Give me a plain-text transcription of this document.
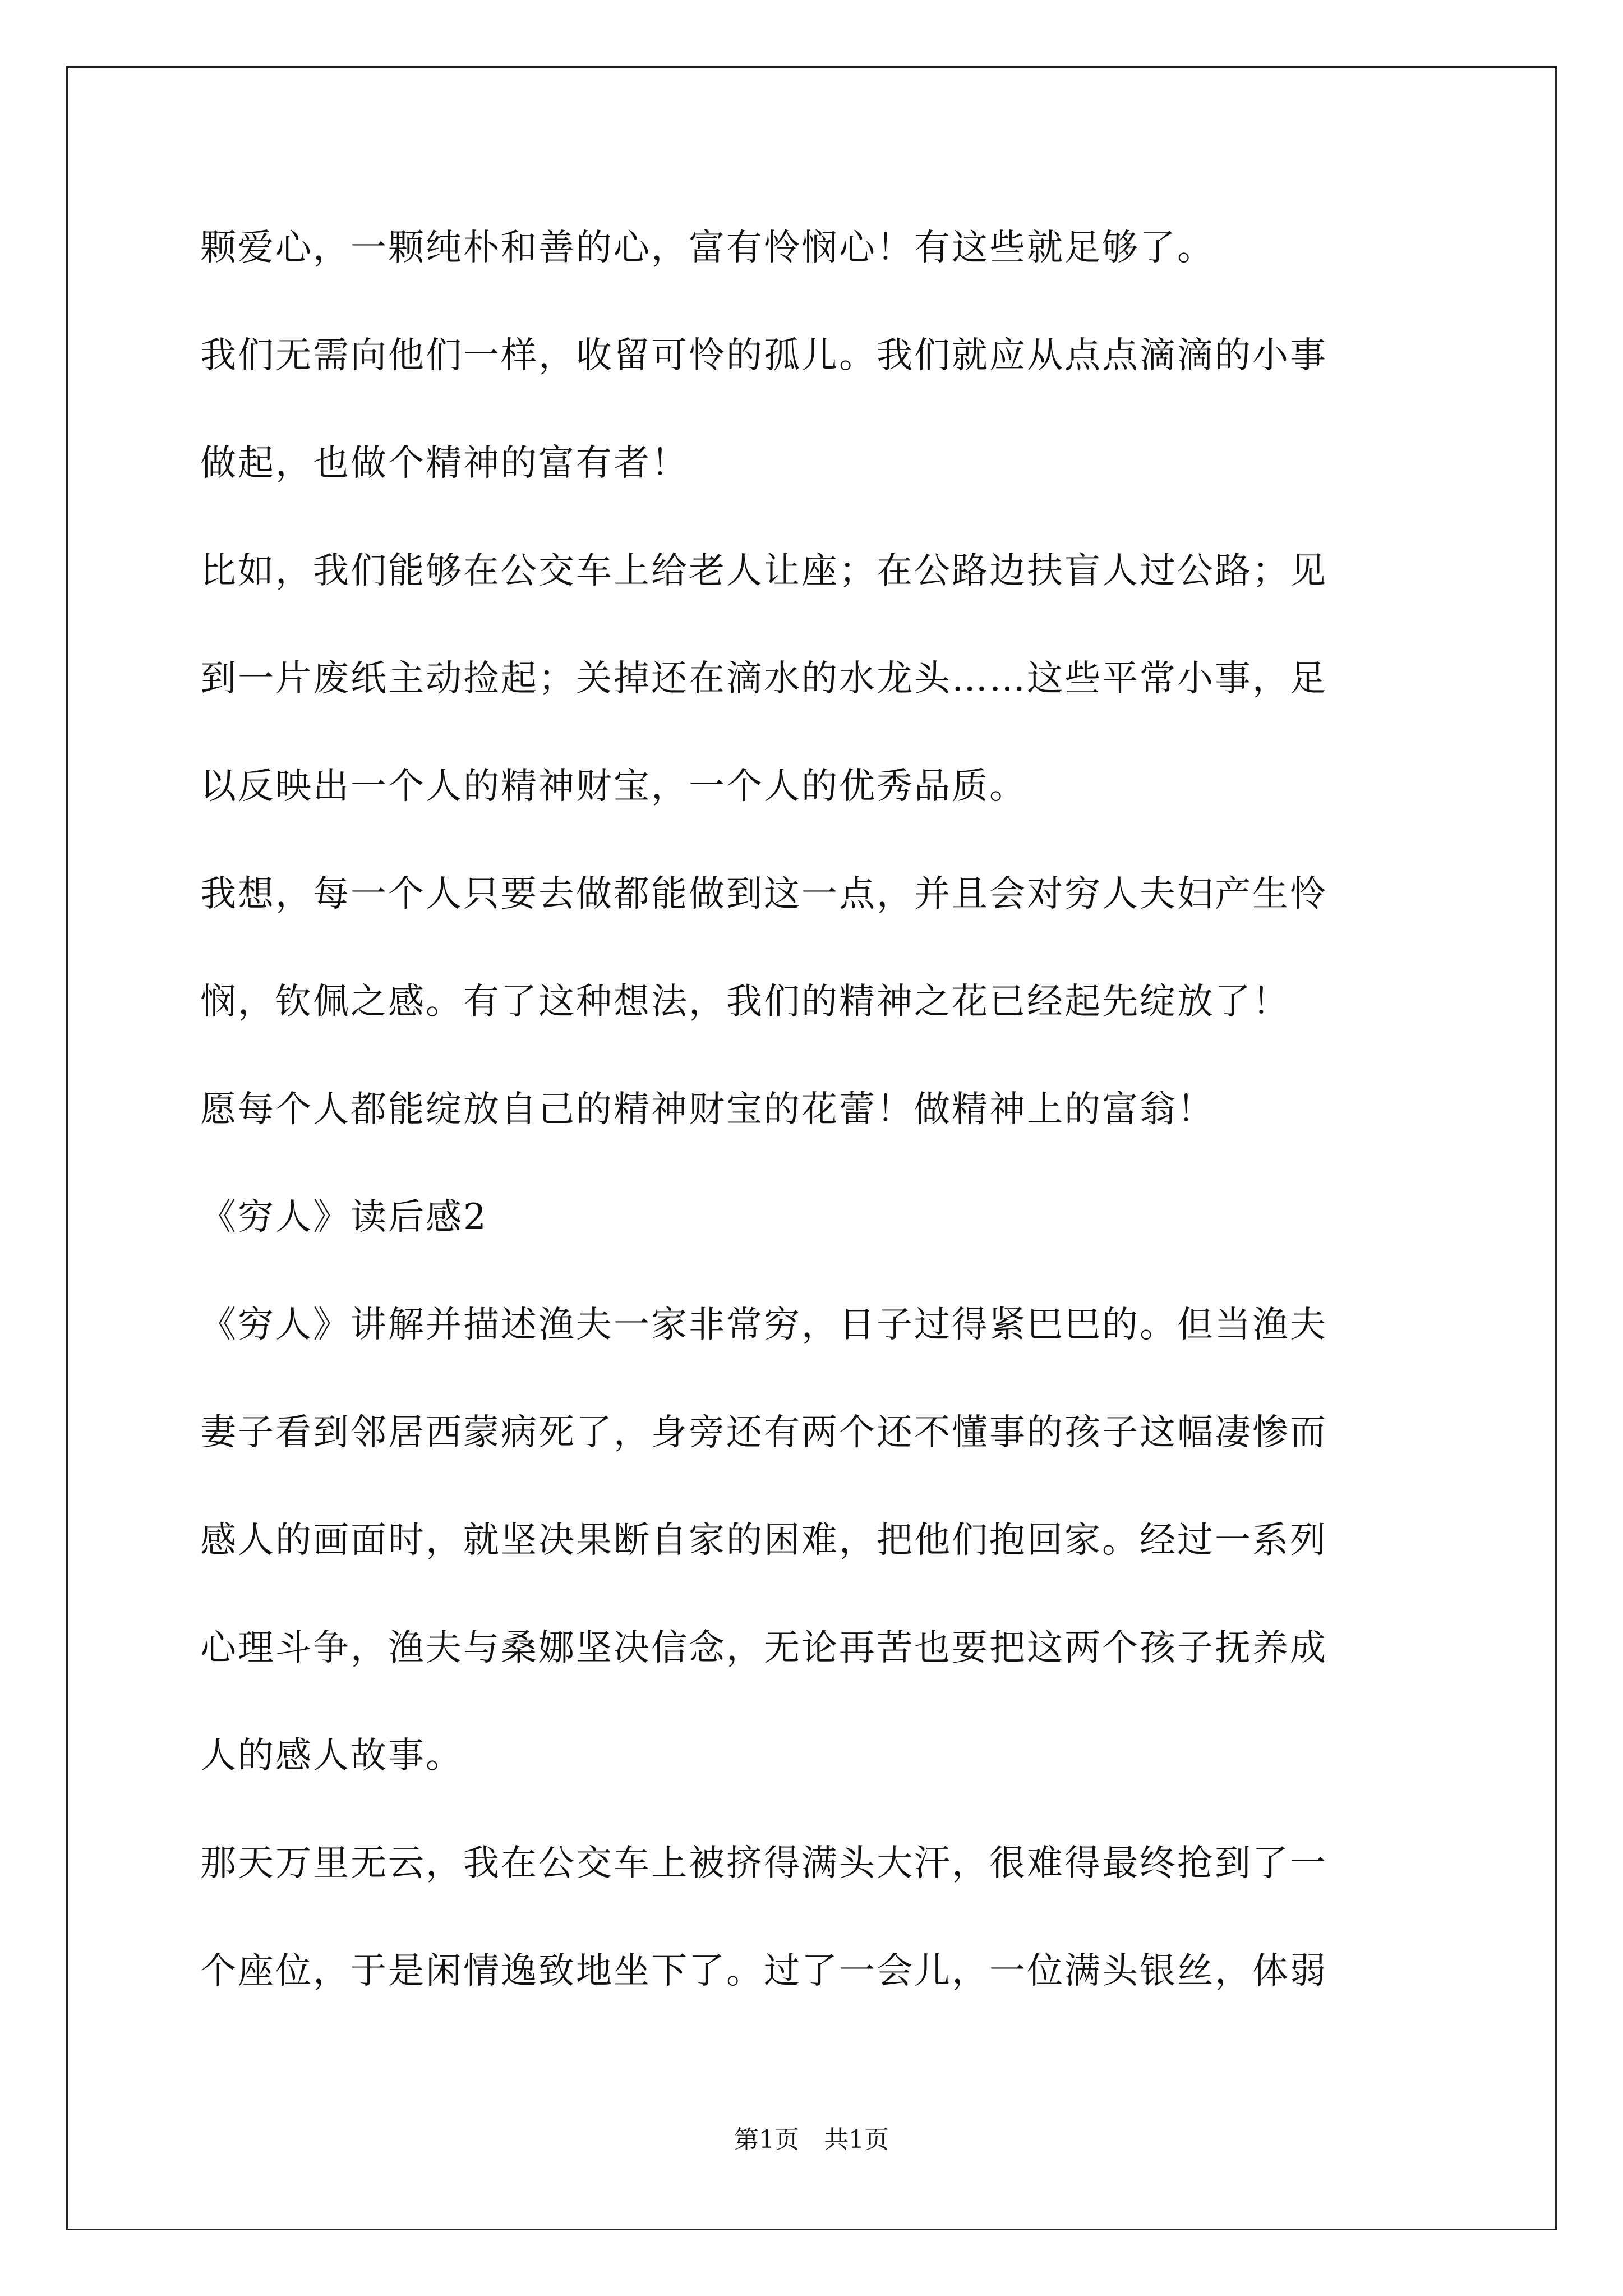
颗爱心，一颗纯朴和善的心，富有怜悯心！有这些就足够了。
我们无需向他们一样，收留可怜的孤儿。我们就应从点点滴滴的小事
做起，也做个精神的富有者！
比如，我们能够在公交车上给老人让座；在公路边扶盲人过公路；见
到一片废纸主动捡起；关掉还在滴水的水龙头……这些平常小事，足
以反映出一个人的精神财宝，一个人的优秀品质。
我想，每一个人只要去做都能做到这一点，并且会对穷人夫妇产生怜
悯，钦佩之感。有了这种想法，我们的精神之花已经起先绽放了！
愿每个人都能绽放自己的精神财宝的花蕾！做精神上的富翁！
《穷人》读后感2
《穷人》讲解并描述渔夫一家非常穷，日子过得紧巴巴的。但当渔夫
妻子看到邻居西蒙病死了，身旁还有两个还不懂事的孩子这幅凄惨而
感人的画面时，就坚决果断自家的困难，把他们抱回家。经过一系列
心理斗争，渔夫与桑娜坚决信念，无论再苦也要把这两个孩子抚养成
人的感人故事。
那天万里无云，我在公交车上被挤得满头大汗，很难得最终抢到了一
个座位，于是闲情逸致地坐下了。过了一会儿，一位满头银丝，体弱
第1页　共1页
